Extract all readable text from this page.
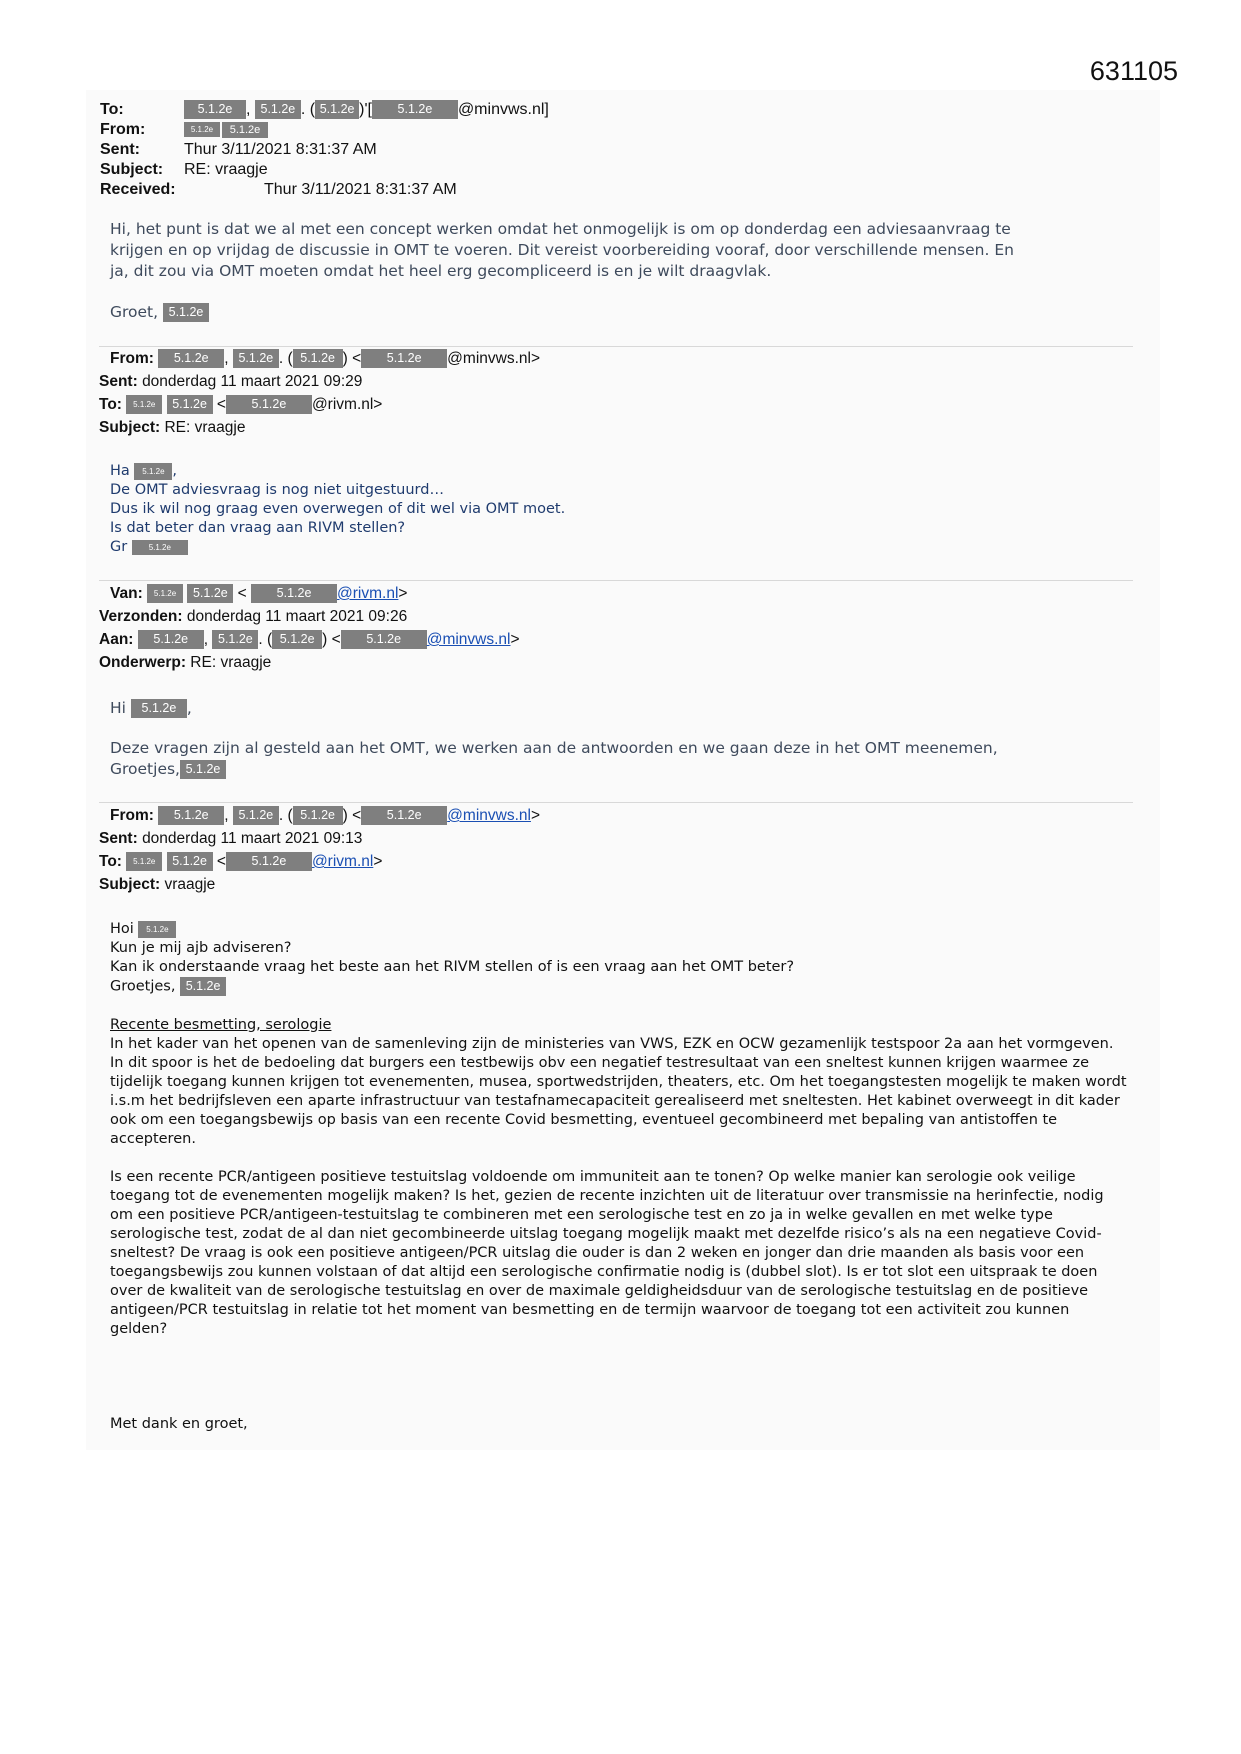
631105
To:	5.1.2e , 5.1.2e . ( 5.1.2e )'[ 5.1.2e @minvws.nl]
From:	5.1.2e 5.1.2e
Sent:	Thur 3/11/2021 8:31:37 AM
Subject: RE: vraagje
Received:	Thur 3/11/2021 8:31:37 AM
Hi, het punt is dat we al met een concept werken omdat het onmogelijk is om op donderdag een adviesaanvraag te
krijgen en op vrijdag de discussie in OMT te voeren. Dit vereist voorbereiding vooraf, door verschillende mensen. En
ja, dit zou via OMT moeten omdat het heel erg gecompliceerd is en je wilt draagvlak.
Groet, 5.1.2e
From: 5.1.2e , 5.1.2e . ( 5.1.2e ) < 5.1.2e @minvws.nl>
Sent: donderdag 11 maart 2021 09:29
To: 5.1.2e 5.1.2e < 5.1.2e @rivm.nl>
Subject: RE: vraagje
Ha 5.1.2e ,
De OMT adviesvraag is nog niet uitgestuurd…
Dus ik wil nog graag even overwegen of dit wel via OMT moet.
Is dat beter dan vraag aan RIVM stellen?
Gr	5.1.2e
Van: 5.1.2e 5.1.2e < 5.1.2e @rivm.nl>
Verzonden: donderdag 11 maart 2021 09:26
Aan: 5.1.2e , 5.1.2e . ( 5.1.2e ) < 5.1.2e @minvws.nl>
Onderwerp: RE: vraagje
Hi 5.1.2e ,
Deze vragen zijn al gesteld aan het OMT, we werken aan de antwoorden en we gaan deze in het OMT meenemen,
Groetjes, 5.1.2e
From: 5.1.2e , 5.1.2e . ( 5.1.2e ) < 5.1.2e @minvws.nl>
Sent: donderdag 11 maart 2021 09:13
To: 5.1.2e 5.1.2e < 5.1.2e @rivm.nl>
Subject: vraagje

Hoi 5.1.2e

Kun je mij ajb adviseren?

Kan ik onderstaande vraag het beste aan het RIVM stellen of is een vraag aan het OMT beter?

Groetjes, 5.1.2e

Recente besmetting, serologie

In het kader van het openen van de samenleving zijn de ministeries van VWS, EZK en OCW gezamenlijk testspoor 2a aan het vormgeven. In dit spoor is het de bedoeling dat burgers een testbewijs obv een negatief testresultaat van een sneltest kunnen krijgen waarmee ze tijdelijk toegang kunnen krijgen tot evenementen, musea, sportwedstrijden, theaters, etc. Om het toegangstesten mogelijk te maken wordt i.s.m het bedrijfsleven een aparte infrastructuur van testafnamecapaciteit gerealiseerd met sneltesten. Het kabinet overweegt in dit kader ook om een toegangsbewijs op basis van een recente Covid besmetting, eventueel gecombineerd met bepaling van antistoffen te accepteren.

Is een recente PCR/antigeen positieve testuitslag voldoende om immuniteit aan te tonen? Op welke manier kan serologie ook veilige toegang tot de evenementen mogelijk maken? Is het, gezien de recente inzichten uit de literatuur over transmissie na herinfectie, nodig om een positieve PCR/antigeen-testuitslag te combineren met een serologische test en zo ja in welke gevallen en met welke type serologische test, zodat de al dan niet gecombineerde uitslag toegang mogelijk maakt met dezelfde risico’s als na een negatieve Covid-sneltest? De vraag is ook een positieve antigeen/PCR uitslag die ouder is dan 2 weken en jonger dan drie maanden als basis voor een toegangsbewijs zou kunnen volstaan of dat altijd een serologische confirmatie nodig is (dubbel slot). Is er tot slot een uitspraak te doen over de kwaliteit van de serologische testuitslag en over de maximale geldigheidsduur van de serologische testuitslag en de positieve antigeen/PCR testuitslag in relatie tot het moment van besmetting en de termijn waarvoor de toegang tot een activiteit zou kunnen gelden?

Met dank en groet,
